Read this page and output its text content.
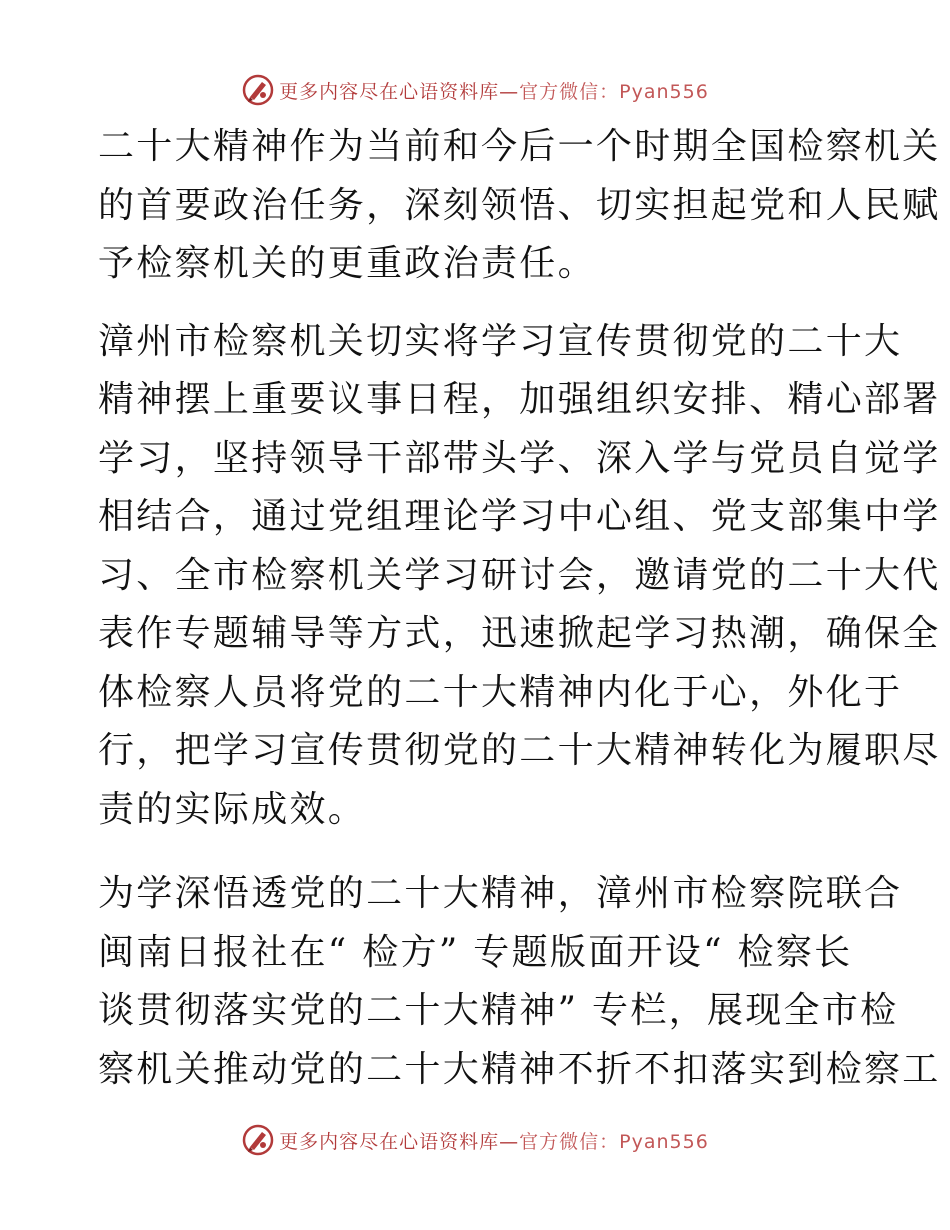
更多内容尽在心语资料库—官方微信：Pyan556

二十大精神作为当前和今后一个时期全国检察机关
的首要政治任务，深刻领悟、切实担起党和人民赋
予检察机关的更重政治责任。

漳州市检察机关切实将学习宣传贯彻党的二十大
精神摆上重要议事日程，加强组织安排、精心部署
学习，坚持领导干部带头学、深入学与党员自觉学
相结合，通过党组理论学习中心组、党支部集中学
习、全市检察机关学习研讨会，邀请党的二十大代
表作专题辅导等方式，迅速掀起学习热潮，确保全
体检察人员将党的二十大精神内化于心，外化于
行，把学习宣传贯彻党的二十大精神转化为履职尽
责的实际成效。

为学深悟透党的二十大精神，漳州市检察院联合
闽南日报社在“ 检方” 专题版面开设“ 检察长
谈贯彻落实党的二十大精神” 专栏，展现全市检
察机关推动党的二十大精神不折不扣落实到检察工

更多内容尽在心语资料库—官方微信：Pyan556
